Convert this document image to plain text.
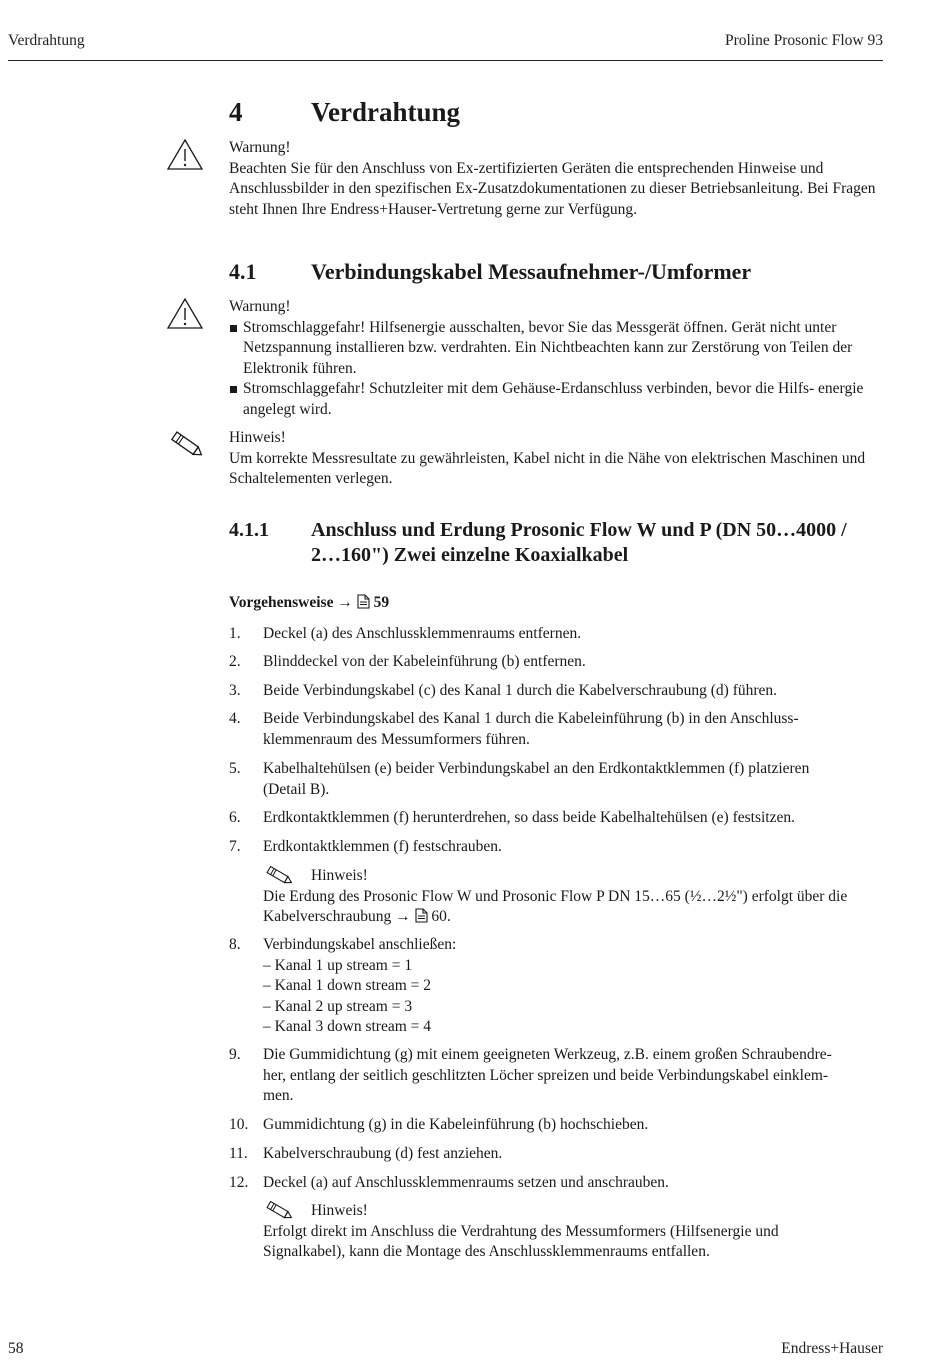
Verdrahtung	Proline Prosonic Flow 93
4	Verdrahtung
Warnung!
Beachten Sie für den Anschluss von Ex-zertifizierten Geräten die entsprechenden Hinweise und Anschlussbilder in den spezifischen Ex-Zusatzdokumentationen zu dieser Betriebsanleitung. Bei Fragen steht Ihnen Ihre Endress+Hauser-Vertretung gerne zur Verfügung.
4.1 Verbindungskabel Messaufnehmer-/Umformer
Warnung!
Stromschlaggefahr! Hilfsenergie ausschalten, bevor Sie das Messgerät öffnen. Gerät nicht unter Netzspannung installieren bzw. verdrahten. Ein Nichtbeachten kann zur Zerstörung von Teilen der Elektronik führen.
Stromschlaggefahr! Schutzleiter mit dem Gehäuse-Erdanschluss verbinden, bevor die Hilfs- energie angelegt wird.
Hinweis!
Um korrekte Messresultate zu gewährleisten, Kabel nicht in die Nähe von elektrischen Maschinen und Schaltelementen verlegen.
4.1.1 Anschluss und Erdung Prosonic Flow W und P (DN 50…4000 /
2…160") Zwei einzelne Koaxialkabel
Vorgehensweise → 59
1. Deckel (a) des Anschlussklemmenraums entfernen.
2. Blinddeckel von der Kabeleinführung (b) entfernen.
3. Beide Verbindungskabel (c) des Kanal 1 durch die Kabelverschraubung (d) führen.
4. Beide Verbindungskabel des Kanal 1 durch die Kabeleinführung (b) in den Anschluss-
klemmenraum des Messumformers führen.
5. Kabelhaltehülsen (e) beider Verbindungskabel an den Erdkontaktklemmen (f) platzieren
(Detail B).
6. Erdkontaktklemmen (f) herunterdrehen, so dass beide Kabelhaltehülsen (e) festsitzen.
7. Erdkontaktklemmen (f) festschrauben.
Hinweis!
Die Erdung des Prosonic Flow W und Prosonic Flow P DN 15…65 (½…2½") erfolgt über die
Kabelverschraubung → 60.
8. Verbindungskabel anschließen:
– Kanal 1 up stream = 1
– Kanal 1 down stream = 2
– Kanal 2 up stream = 3
– Kanal 3 down stream = 4
9. Die Gummidichtung (g) mit einem geeigneten Werkzeug, z.B. einem großen Schraubendre-
her, entlang der seitlich geschlitzten Löcher spreizen und beide Verbindungskabel einklem-
men.
10. Gummidichtung (g) in die Kabeleinführung (b) hochschieben.
11. Kabelverschraubung (d) fest anziehen.
12. Deckel (a) auf Anschlussklemmenraums setzen und anschrauben.
Hinweis!
Erfolgt direkt im Anschluss die Verdrahtung des Messumformers (Hilfsenergie und
Signalkabel), kann die Montage des Anschlussklemmenraums entfallen.
58	Endress+Hauser
